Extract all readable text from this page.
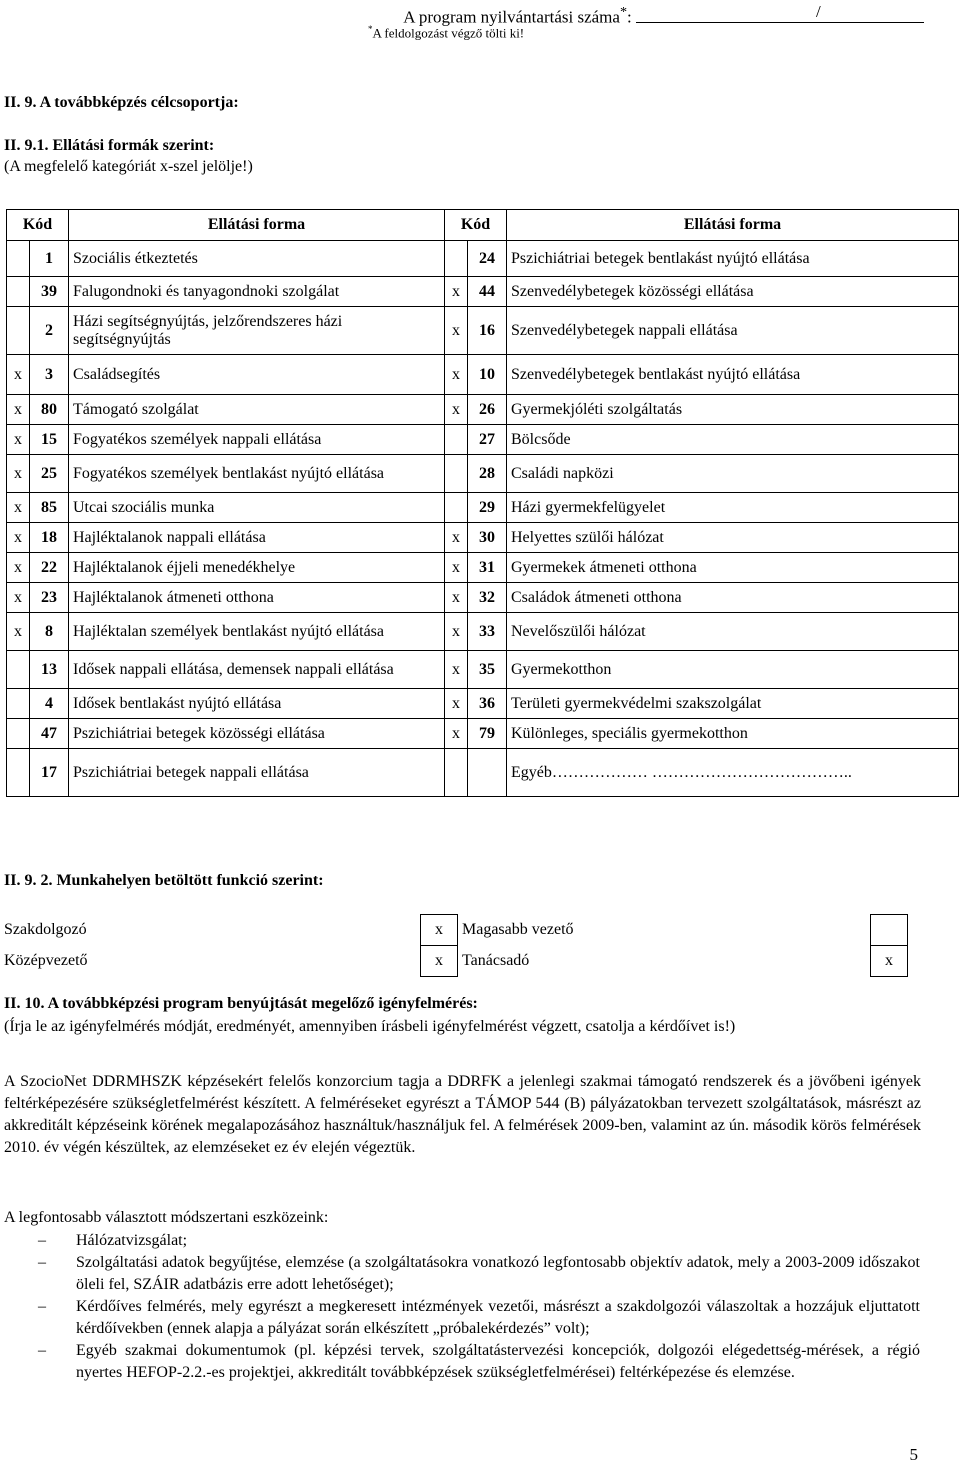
A program nyilvántartási száma*:	/
*A feldolgozást végző tölti ki!
II. 9. A továbbképzés célcsoportja:
II. 9.1. Ellátási formák szerint:
(A megfelelő kategóriát x-szel jelölje!)
Kód		Ellátási forma	Kód		Ellátási forma
	1	Szociális étkeztetés		24	Pszichiátriai betegek bentlakást nyújtó ellátása
	39	Falugondnoki és tanyagondnoki szolgálat	x	44	Szenvedélybetegek közösségi ellátása
	2	Házi segítségnyújtás, jelzőrendszeres házi segítségnyújtás	x	16	Szenvedélybetegek nappali ellátása
x	3	Családsegítés	x	10	Szenvedélybetegek bentlakást nyújtó ellátása
x	80	Támogató szolgálat	x	26	Gyermekjóléti szolgáltatás
x	15	Fogyatékos személyek nappali ellátása		27	Bölcsőde
x	25	Fogyatékos személyek bentlakást nyújtó ellátása		28	Családi napközi
x	85	Utcai szociális munka		29	Házi gyermekfelügyelet
x	18	Hajléktalanok nappali ellátása	x	30	Helyettes szülői hálózat
x	22	Hajléktalanok éjjeli menedékhelye	x	31	Gyermekek átmeneti otthona
x	23	Hajléktalanok átmeneti otthona	x	32	Családok átmeneti otthona
x	8	Hajléktalan személyek bentlakást nyújtó ellátása	x	33	Nevelőszülői hálózat
	13	Idősek nappali ellátása, demensek nappali ellátása	x	35	Gyermekotthon
	4	Idősek bentlakást nyújtó ellátása	x	36	Területi gyermekvédelmi szakszolgálat
	47	Pszichiátriai betegek közösségi ellátása	x	79	Különleges, speciális gyermekotthon
	17	Pszichiátriai betegek nappali ellátása			Egyéb……………… ………………………………..
II. 9. 2. Munkahelyen betöltött funkció szerint:
Szakdolgozó	x	Magasabb vezető	
Középvezető	x	Tanácsadó	x
II. 10. A továbbképzési program benyújtását megelőző igényfelmérés:
(Írja le az igényfelmérés módját, eredményét, amennyiben írásbeli igényfelmérést végzett, csatolja a kérdőívet is!)
A SzocioNet DDRMHSZK képzésekért felelős konzorcium tagja a DDRFK a jelenlegi szakmai támogató rendszerek és a jövőbeni igények feltérképezésére szükségletfelmérést készített. A felméréseket egyrészt a TÁMOP 544 (B) pályázatokban tervezett szolgáltatások, másrészt az akkreditált képzéseink körének megalapozásához használtuk/használjuk fel. A felmérések 2009-ben, valamint az ún. második körös felmérések 2010. év végén készültek, az elemzéseket ez év elején végeztük.
A legfontosabb választott módszertani eszközeink:
– Hálózatvizsgálat;
– Szolgáltatási adatok begyűjtése, elemzése (a szolgáltatásokra vonatkozó legfontosabb objektív adatok, mely a 2003-2009 időszakot öleli fel, SZÁIR adatbázis erre adott lehetőséget);
– Kérdőíves felmérés, mely egyrészt a megkeresett intézmények vezetői, másrészt a szakdolgozói válaszoltak a hozzájuk eljuttatott kérdőívekben (ennek alapja a pályázat során elkészített „próbalekérdezés” volt);
– Egyéb szakmai dokumentumok (pl. képzési tervek, szolgáltatástervezési koncepciók, dolgozói elégedettség-mérések, a régió nyertes HEFOP-2.2.-es projektjei, akkreditált továbbképzések szükségletfelmérései) feltérképezése és elemzése.
5
